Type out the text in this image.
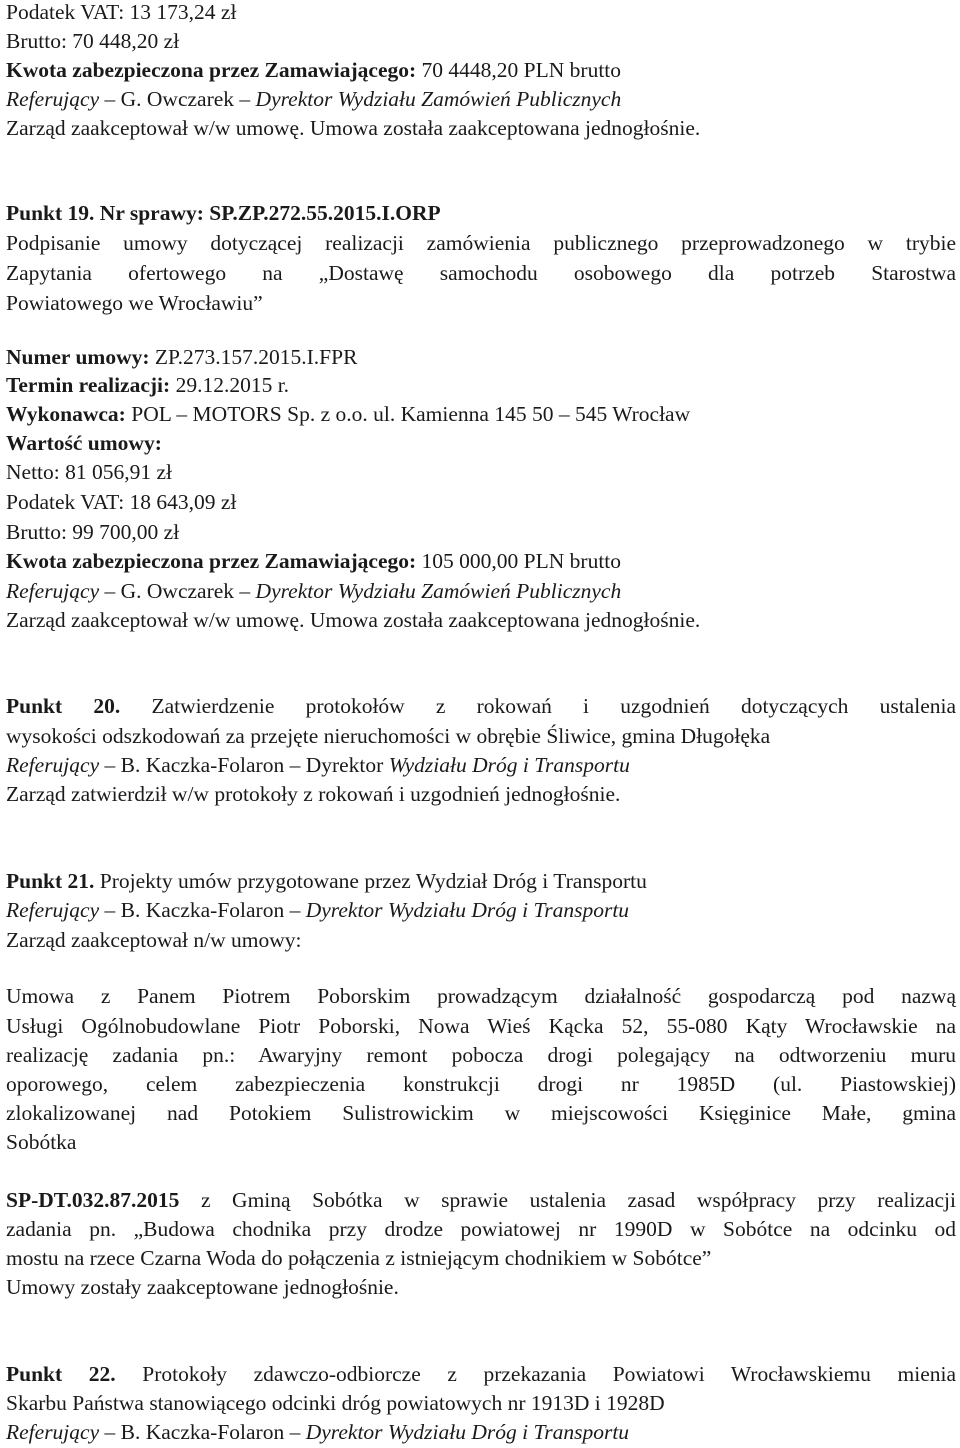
Podatek VAT: 13 173,24 zł
Brutto: 70 448,20 zł
Kwota zabezpieczona przez Zamawiającego: 70 4448,20 PLN brutto
Referujący – G. Owczarek – Dyrektor Wydziału Zamówień Publicznych
Zarząd zaakceptował w/w umowę. Umowa została zaakceptowana jednogłośnie.
Punkt 19. Nr sprawy: SP.ZP.272.55.2015.I.ORP
Podpisanie umowy dotyczącej realizacji zamówienia publicznego przeprowadzonego w trybie
Zapytania ofertowego na „Dostawę samochodu osobowego dla potrzeb Starostwa
Powiatowego we Wrocławiu”
Numer umowy: ZP.273.157.2015.I.FPR
Termin realizacji: 29.12.2015 r.
Wykonawca: POL – MOTORS Sp. z o.o. ul. Kamienna 145 50 – 545 Wrocław
Wartość umowy:
Netto: 81 056,91 zł
Podatek VAT: 18 643,09 zł
Brutto: 99 700,00 zł
Kwota zabezpieczona przez Zamawiającego: 105 000,00 PLN brutto
Referujący – G. Owczarek – Dyrektor Wydziału Zamówień Publicznych
Zarząd zaakceptował w/w umowę. Umowa została zaakceptowana jednogłośnie.
Punkt 20. Zatwierdzenie protokołów z rokowań i uzgodnień dotyczących ustalenia
wysokości odszkodowań za przejęte nieruchomości w obrębie Śliwice, gmina Długołęka
Referujący – B. Kaczka-Folaron – Dyrektor Wydziału Dróg i Transportu
Zarząd zatwierdził w/w protokoły z rokowań i uzgodnień jednogłośnie.
Punkt 21. Projekty umów przygotowane przez Wydział Dróg i Transportu
Referujący – B. Kaczka-Folaron – Dyrektor Wydziału Dróg i Transportu
Zarząd zaakceptował n/w umowy:
Umowa z Panem Piotrem Poborskim prowadzącym działalność gospodarczą pod nazwą
Usługi Ogólnobudowlane Piotr Poborski, Nowa Wieś Kącka 52, 55-080 Kąty Wrocławskie na
realizację zadania pn.: Awaryjny remont pobocza drogi polegający na odtworzeniu muru
oporowego, celem zabezpieczenia konstrukcji drogi nr 1985D (ul. Piastowskiej)
zlokalizowanej nad Potokiem Sulistrowickim w miejscowości Księginice Małe, gmina
Sobótka
SP-DT.032.87.2015 z Gminą Sobótka w sprawie ustalenia zasad współpracy przy realizacji
zadania pn. „Budowa chodnika przy drodze powiatowej nr 1990D w Sobótce na odcinku od
mostu na rzece Czarna Woda do połączenia z istniejącym chodnikiem w Sobótce”
Umowy zostały zaakceptowane jednogłośnie.
Punkt 22. Protokoły zdawczo-odbiorcze z przekazania Powiatowi Wrocławskiemu mienia
Skarbu Państwa stanowiącego odcinki dróg powiatowych nr 1913D i 1928D
Referujący – B. Kaczka-Folaron – Dyrektor Wydziału Dróg i Transportu
